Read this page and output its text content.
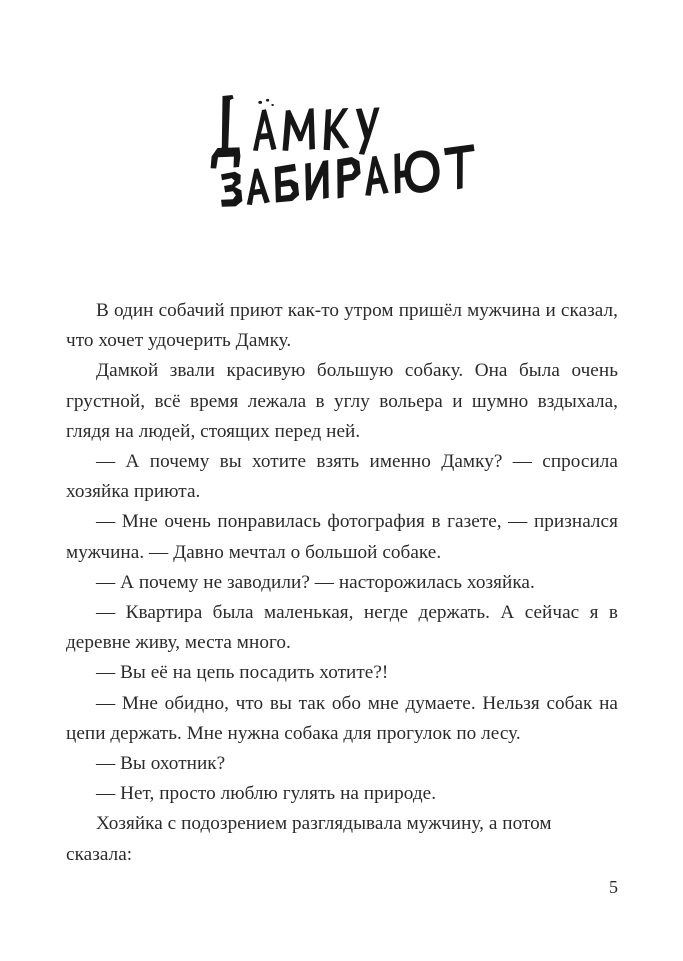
В один собачий приют как-то утром пришёл мужчина и сказал, что хочет удочерить Дамку.

Дамкой звали красивую большую собаку. Она была очень грустной, всё время лежала в углу вольера и шумно вздыхала, глядя на людей, стоящих перед ней.

— А почему вы хотите взять именно Дамку? — спросила хозяйка приюта.

— Мне очень понравилась фотография в газете, — признался мужчина. — Давно мечтал о большой собаке.

— А почему не заводили? — насторожилась хозяйка.

— Квартира была маленькая, негде держать. А сейчас я в деревне живу, места много.

— Вы её на цепь посадить хотите?!

— Мне обидно, что вы так обо мне думаете. Нельзя собак на цепи держать. Мне нужна собака для прогулок по лесу.

— Вы охотник?

— Нет, просто люблю гулять на природе.

Хозяйка с подозрением разглядывала мужчину, а потом сказала:

5
